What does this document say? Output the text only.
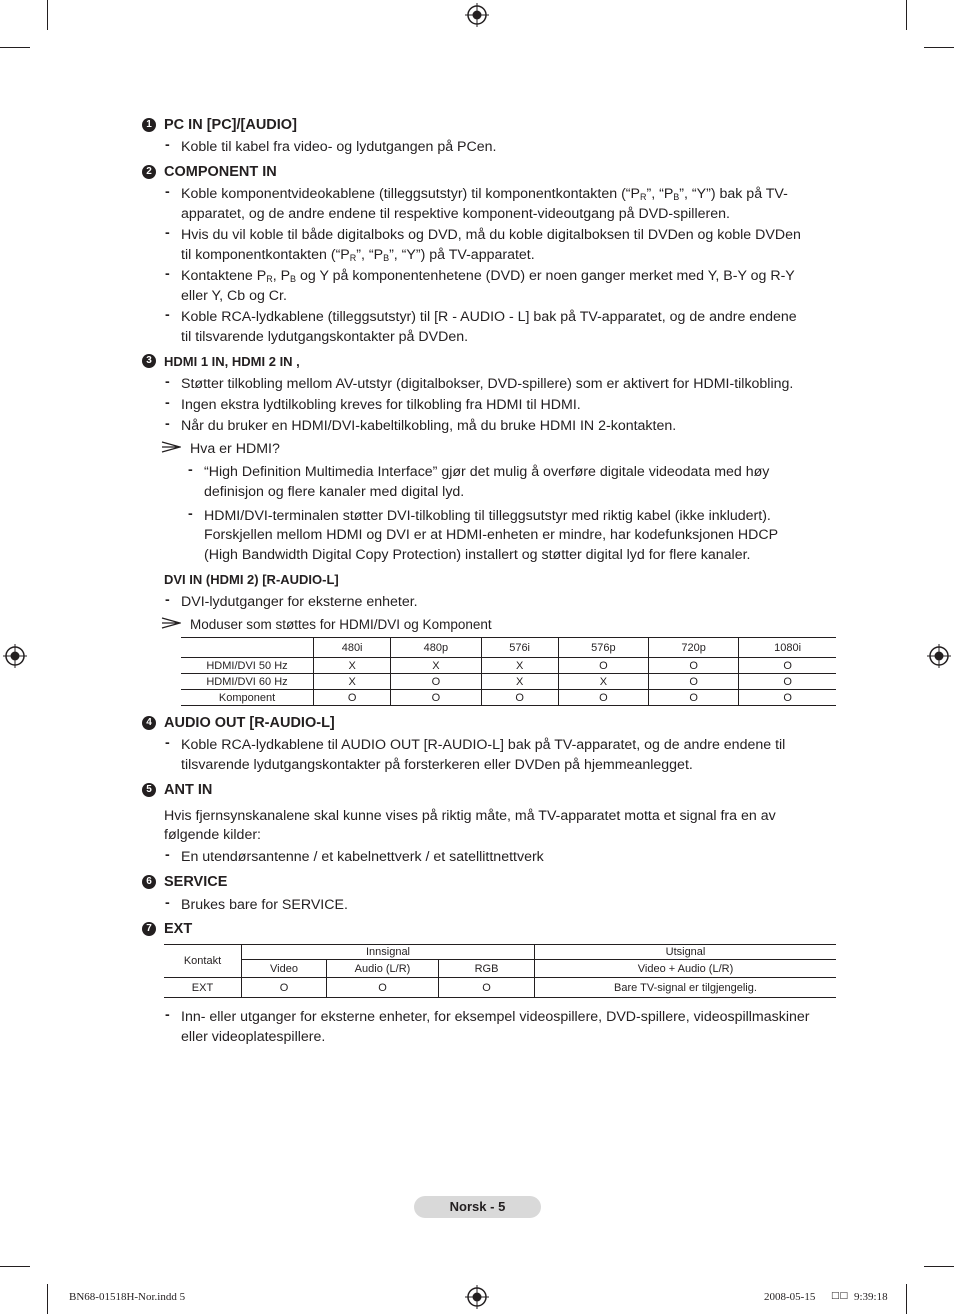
1 PC IN [PC]/[AUDIO]
- Koble til kabel fra video- og lydutgangen på PCen.
2 COMPONENT IN
- Koble komponentvideokablene (tilleggsutstyr) til komponentkontakten (“$P_R$”, “$P_B$”, “Y”) bak på TV-
apparatet, og de andre endene til respektive komponent-videoutgang på DVD-spilleren.
- Hvis du vil koble til både digitalboks og DVD, må du koble digitalboksen til DVDen og koble DVDen
til komponentkontakten (“$P_R$”, “$P_B$”, “Y”) på TV-apparatet.
- Kontaktene $P_R$, $P_B$ og Y på komponentenhetene (DVD) er noen ganger merket med Y, B-Y og R-Y
eller Y, Cb og Cr.
- Koble RCA-lydkablene (tilleggsutstyr) til [R - AUDIO - L] bak på TV-apparatet, og de andre endene
til tilsvarende lydutgangskontakter på DVDen.
3 HDMI 1 IN, HDMI 2 IN ,
- Støtter tilkobling mellom AV-utstyr (digitalbokser, DVD-spillere) som er aktivert for HDMI-tilkobling.
- Ingen ekstra lydtilkobling kreves for tilkobling fra HDMI til HDMI.
- Når du bruker en HDMI/DVI-kabeltilkobling, må du bruke HDMI IN 2-kontakten.
Hva er HDMI?
- “High Definition Multimedia Interface” gjør det mulig å overføre digitale videodata med høy
definisjon og flere kanaler med digital lyd.
- HDMI/DVI-terminalen støtter DVI-tilkobling til tilleggsutstyr med riktig kabel (ikke inkludert).
Forskjellen mellom HDMI og DVI er at HDMI-enheten er mindre, har kodefunksjonen HDCP
(High Bandwidth Digital Copy Protection) installert og støtter digital lyd for flere kanaler.
DVI IN (HDMI 2) [R-AUDIO-L]
- DVI-lydutganger for eksterne enheter.
Moduser som støttes for HDMI/DVI og Komponent
	480i	480p	576i	576p	720p	1080i
HDMI/DVI 50 Hz	X	X	X	O	O	O
HDMI/DVI 60 Hz	X	O	X	X	O	O
Komponent	O	O	O	O	O	O
4 AUDIO OUT [R-AUDIO-L]
- Koble RCA-lydkablene til AUDIO OUT [R-AUDIO-L] bak på TV-apparatet, og de andre endene til
tilsvarende lydutgangskontakter på forsterkeren eller DVDen på hjemmeanlegget.
5 ANT IN
Hvis fjernsynskanalene skal kunne vises på riktig måte, må TV-apparatet motta et signal fra en av
følgende kilder:
- En utendørsantenne / et kabelnettverk / et satellittnettverk
6 SERVICE
- Brukes bare for SERVICE.
7 EXT
Kontakt	Innsignal			Utsignal
	Video	Audio (L/R)	RGB	Video + Audio (L/R)
EXT	O	O	O	Bare TV-signal er tilgjengelig.
- Inn- eller utganger for eksterne enheter, for eksempel videospillere, DVD-spillere, videospillmaskiner
eller videoplatespillere.
Norsk - 5
BN68-01518H-Nor.indd 5	2008-05-15 □□ 9:39:18
